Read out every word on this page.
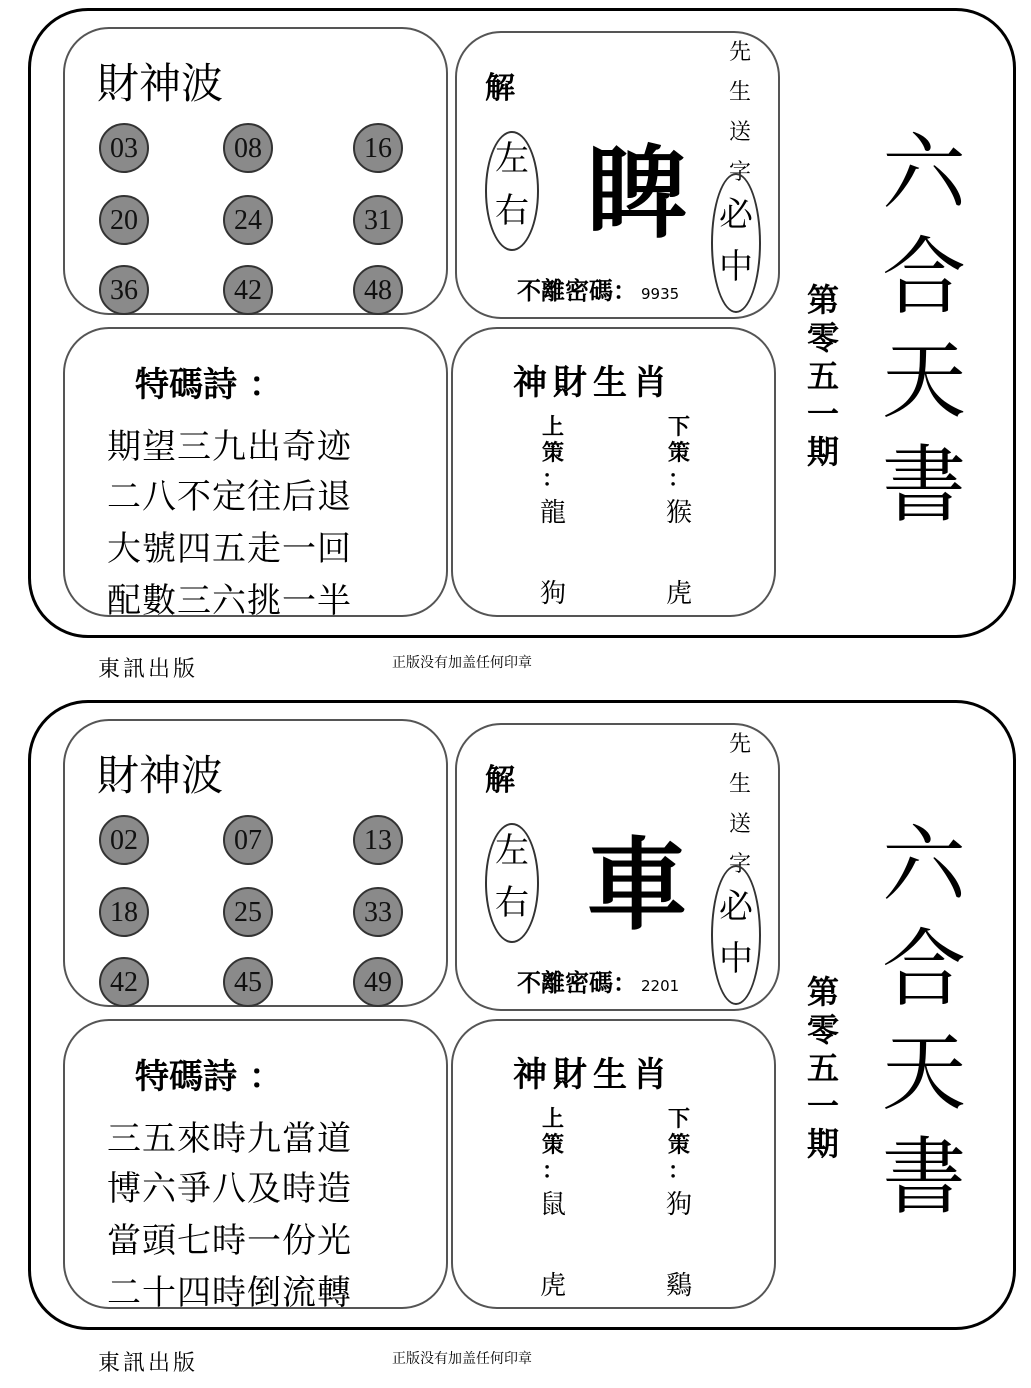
財神波
03	08	16
20	24	31
36	42	48
解
左
右 睥
先
生
送
字
必
中
不離密碼： 9935
特碼詩 ：
期望三九出奇迹
二八不定往后退
大號四五走一回
配數三六挑一半
神財生肖
上
策
：
龍
狗
下
策
：
猴
虎
第
零
五
一
期
六
合
天
書
東訊出版	正版没有加盖任何印章
財神波
02	07	13
18	25	33
42	45	49
解
左
右 車
先
生
送
字
必
中
不離密碼： 2201
特碼詩 ：
三五來時九當道
博六爭八及時造
當頭七時一份光
二十四時倒流轉
神財生肖
上
策
：
鼠
虎
下
策
：
狗
鷄
第
零
五
一
期
六
合
天
書
東訊出版	正版没有加盖任何印章
